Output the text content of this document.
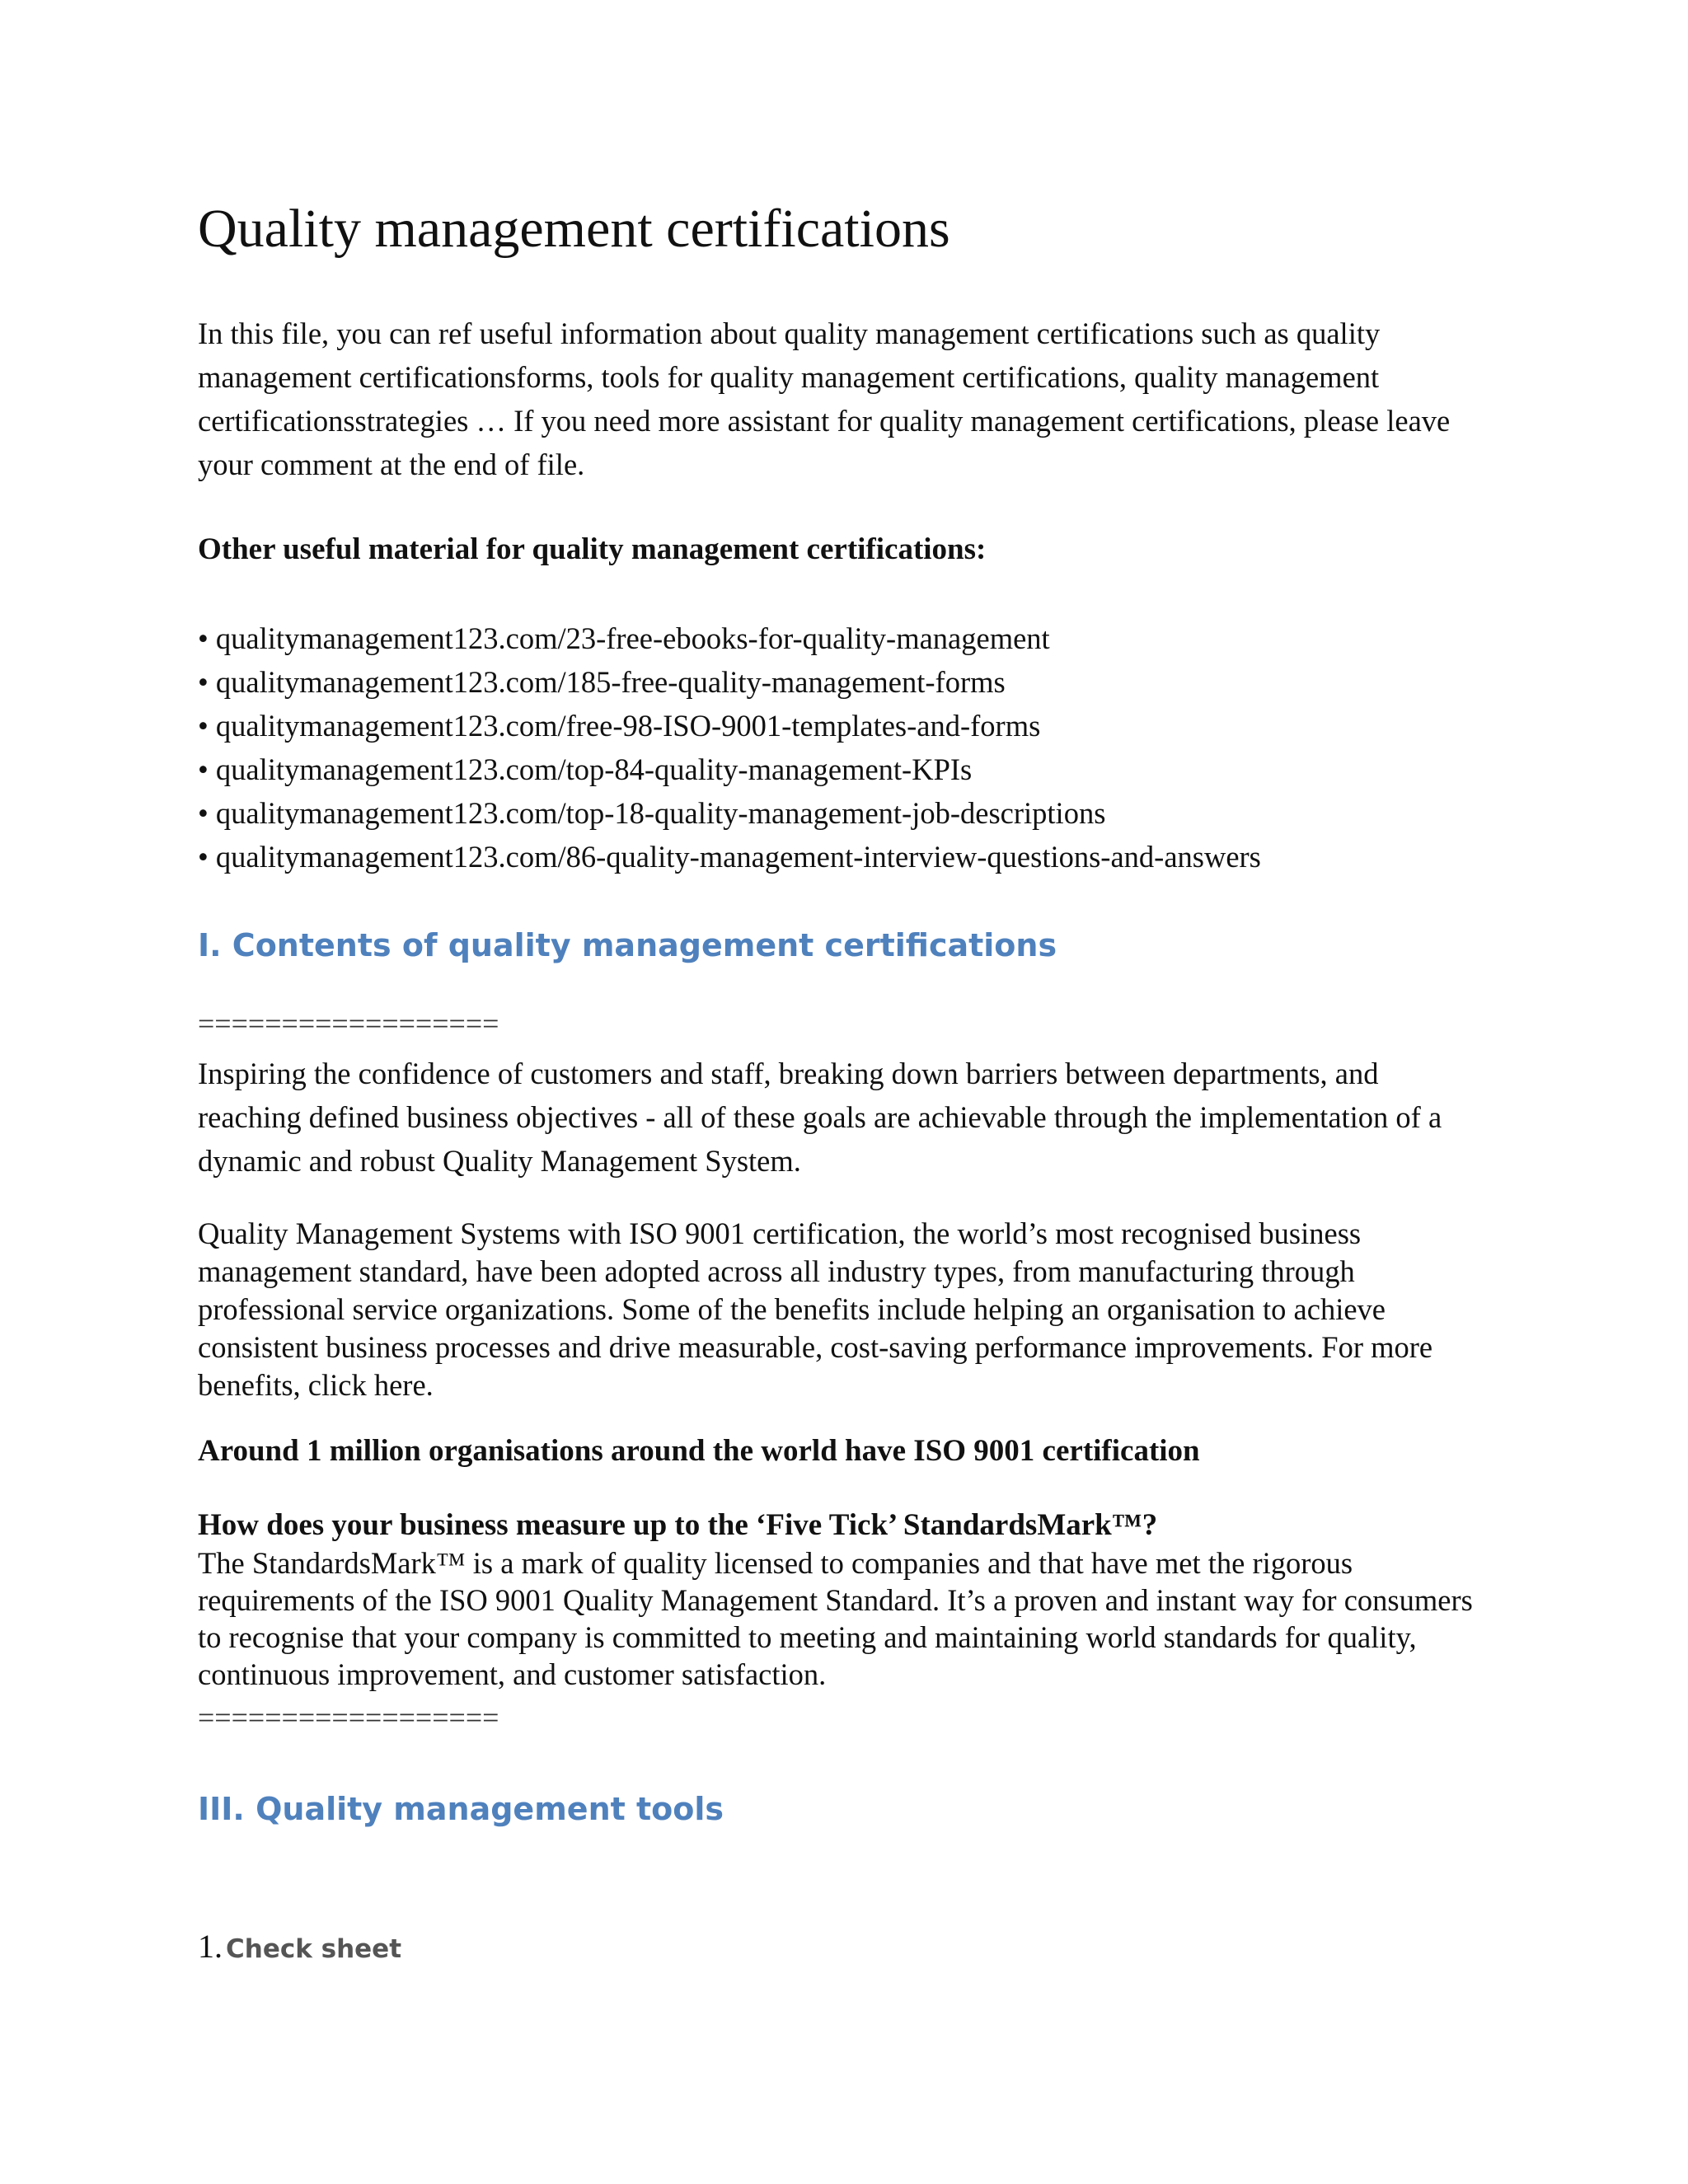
Quality management certifications

In this file, you can ref useful information about quality management certifications such as quality management certificationsforms, tools for quality management certifications, quality management certificationsstrategies … If you need more assistant for quality management certifications, please leave your comment at the end of file.

Other useful material for quality management certifications:

• qualitymanagement123.com/23-free-ebooks-for-quality-management
• qualitymanagement123.com/185-free-quality-management-forms
• qualitymanagement123.com/free-98-ISO-9001-templates-and-forms
• qualitymanagement123.com/top-84-quality-management-KPIs
• qualitymanagement123.com/top-18-quality-management-job-descriptions
• qualitymanagement123.com/86-quality-management-interview-questions-and-answers
I. Contents of quality management certifications

==================

Inspiring the confidence of customers and staff, breaking down barriers between departments, and reaching defined business objectives - all of these goals are achievable through the implementation of a dynamic and robust Quality Management System.

Quality Management Systems with ISO 9001 certification, the world’s most recognised business management standard, have been adopted across all industry types, from manufacturing through professional service organizations. Some of the benefits include helping an organisation to achieve consistent business processes and drive measurable, cost-saving performance improvements. For more benefits, click here.

Around 1 million organisations around the world have ISO 9001 certification

How does your business measure up to the ‘Five Tick’ StandardsMark™?

The StandardsMark™ is a mark of quality licensed to companies and that have met the rigorous requirements of the ISO 9001 Quality Management Standard. It’s a proven and instant way for consumers to recognise that your company is committed to meeting and maintaining world standards for quality, continuous improvement, and customer satisfaction.

==================

III. Quality management tools

1. Check sheet
